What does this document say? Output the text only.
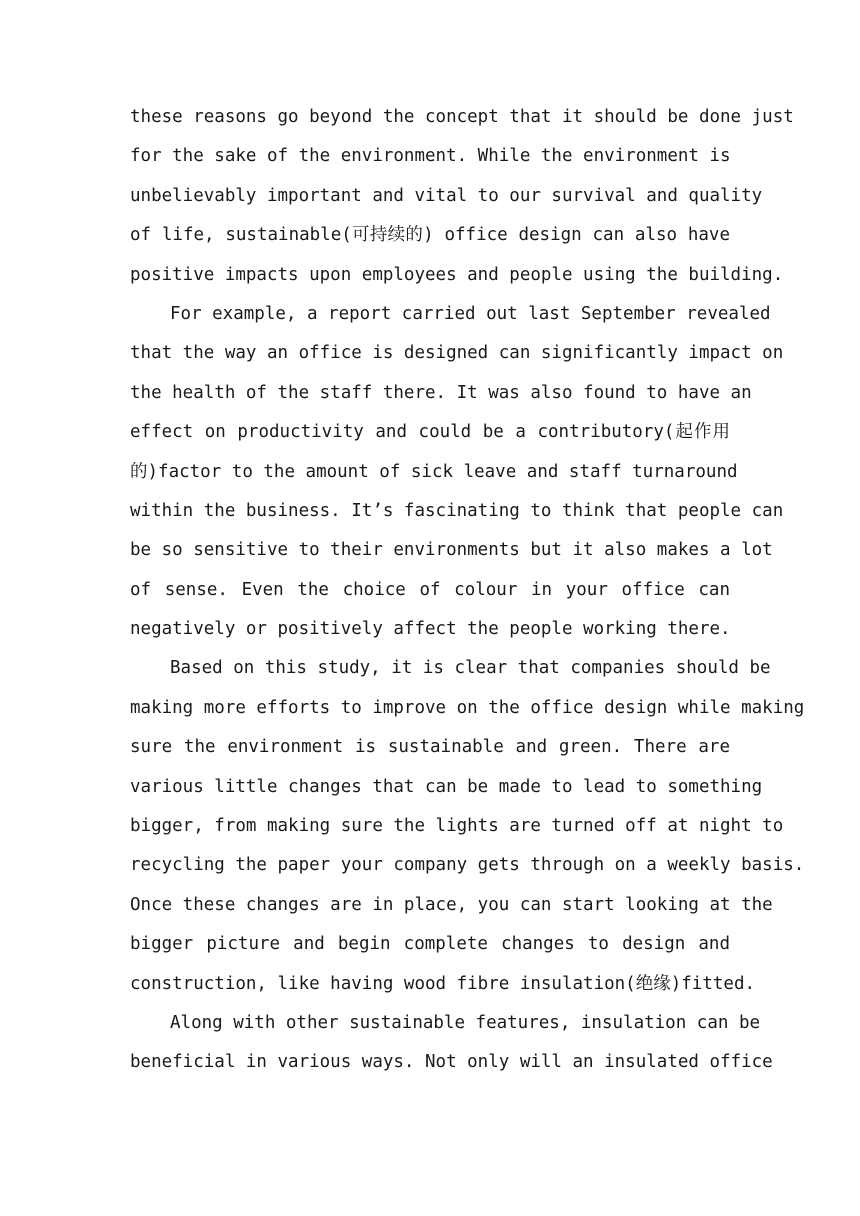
these reasons go beyond the concept that it should be done just
for the sake of the environment. While the environment is
unbelievably important and vital to our survival and quality
of life, sustainable(可持续的) office design can also have
positive impacts upon employees and people using the building.
For example, a report carried out last September revealed
that the way an office is designed can significantly impact on
the health of the staff there. It was also found to have an
effect on productivity and could be a contributory(起作用
的)factor to the amount of sick leave and staff turnaround
within the business. It’s fascinating to think that people can
be so sensitive to their environments but it also makes a lot
of sense. Even the choice of colour in your office can
negatively or positively affect the people working there.
Based on this study, it is clear that companies should be
making more efforts to improve on the office design while making
sure the environment is sustainable and green. There are
various little changes that can be made to lead to something
bigger, from making sure the lights are turned off at night to
recycling the paper your company gets through on a weekly basis.
Once these changes are in place, you can start looking at the
bigger picture and begin complete changes to design and
construction, like having wood fibre insulation(绝缘)fitted.
Along with other sustainable features, insulation can be
beneficial in various ways. Not only will an insulated office
